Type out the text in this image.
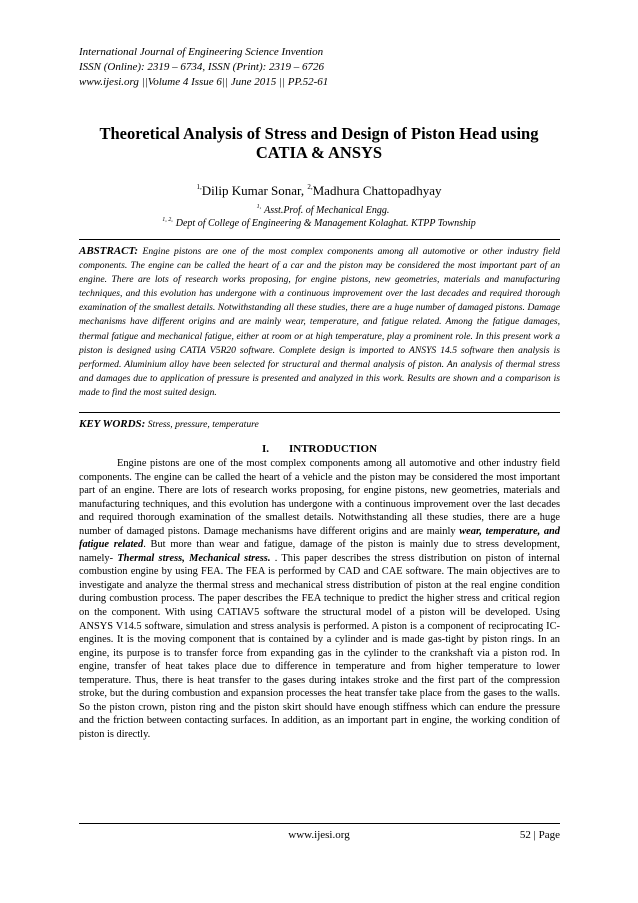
International Journal of Engineering Science Invention
ISSN (Online): 2319 – 6734, ISSN (Print): 2319 – 6726
www.ijesi.org ||Volume 4 Issue 6|| June 2015 || PP.52-61
Theoretical Analysis of Stress and Design of Piston Head using
CATIA & ANSYS
$^{1,}$Dilip Kumar Sonar, $^{2,}$Madhura Chattopadhyay
$^{1,}$ Asst.Prof. of Mechanical Engg.
$^{1, 2,}$ Dept of College of Engineering & Management Kolaghat. KTPP Township
ABSTRACT: Engine pistons are one of the most complex components among all automotive or other industry field components. The engine can be called the heart of a car and the piston may be considered the most important part of an engine. There are lots of research works proposing, for engine pistons, new geometries, materials and manufacturing techniques, and this evolution has undergone with a continuous improvement over the last decades and required thorough examination of the smallest details. Notwithstanding all these studies, there are a huge number of damaged pistons. Damage mechanisms have different origins and are mainly wear, temperature, and fatigue related. Among the fatigue damages, thermal fatigue and mechanical fatigue, either at room or at high temperature, play a prominent role. In this present work a piston is designed using CATIA V5R20 software. Complete design is imported to ANSYS 14.5 software then analysis is performed. Aluminium alloy have been selected for structural and thermal analysis of piston. An analysis of thermal stress and damages due to application of pressure is presented and analyzed in this work. Results are shown and a comparison is made to find the most suited design.
KEY WORDS: Stress, pressure, temperature
I. INTRODUCTION
Engine pistons are one of the most complex components among all automotive and other industry field components. The engine can be called the heart of a vehicle and the piston may be considered the most important part of an engine. There are lots of research works proposing, for engine pistons, new geometries, materials and manufacturing techniques, and this evolution has undergone with a continuous improvement over the last decades and required thorough examination of the smallest details. Notwithstanding all these studies, there are a huge number of damaged pistons. Damage mechanisms have different origins and are mainly wear, temperature, and fatigue related. But more than wear and fatigue, damage of the piston is mainly due to stress development, namely- Thermal stress, Mechanical stress. . This paper describes the stress distribution on piston of internal combustion engine by using FEA. The FEA is performed by CAD and CAE software. The main objectives are to investigate and analyze the thermal stress and mechanical stress distribution of piston at the real engine condition during combustion process. The paper describes the FEA technique to predict the higher stress and critical region on the component. With using CATIAV5 software the structural model of a piston will be developed. Using ANSYS V14.5 software, simulation and stress analysis is performed. A piston is a component of reciprocating IC-engines. It is the moving component that is contained by a cylinder and is made gas-tight by piston rings. In an engine, its purpose is to transfer force from expanding gas in the cylinder to the crankshaft via a piston rod. In engine, transfer of heat takes place due to difference in temperature and from higher temperature to lower temperature. Thus, there is heat transfer to the gases during intakes stroke and the first part of the compression stroke, but the during combustion and expansion processes the heat transfer take place from the gases to the walls. So the piston crown, piston ring and the piston skirt should have enough stiffness which can endure the pressure and the friction between contacting surfaces. In addition, as an important part in engine, the working condition of piston is directly.
www.ijesi.org	52 | Page
